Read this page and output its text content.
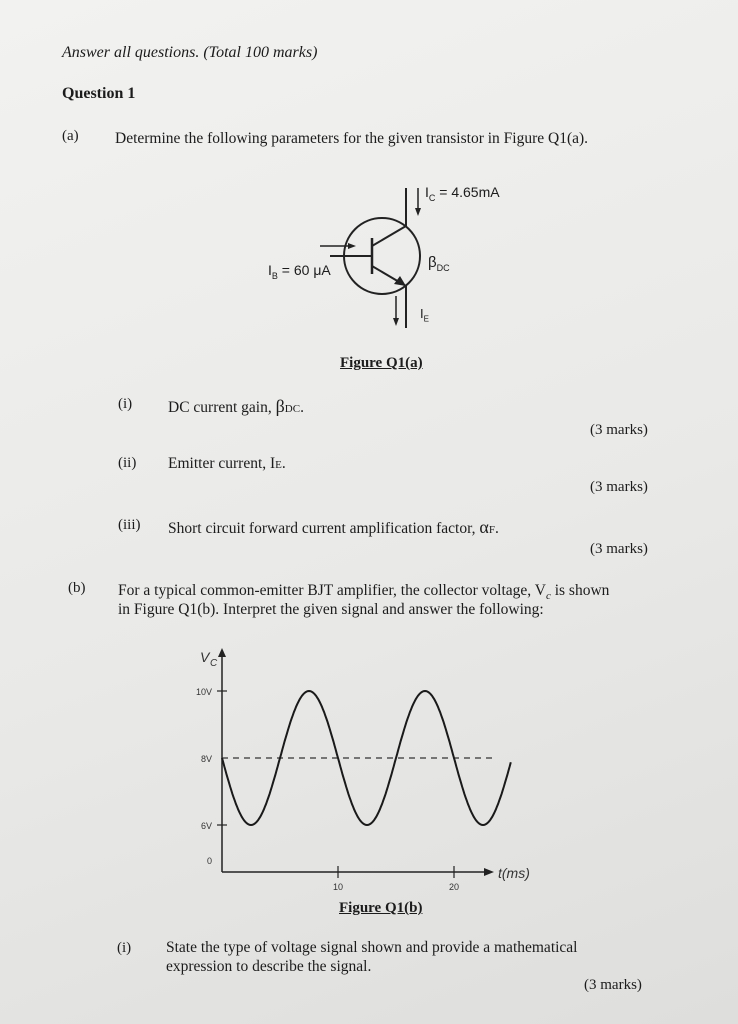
Answer all questions. (Total 100 marks)
Question 1
(a) Determine the following parameters for the given transistor in Figure Q1(a).
$I_C = 4.65mA$
$I_B = 60$ μA	$\beta_{DC}$
$I_E$
Figure Q1(a)
(i) DC current gain, βDC.
(3 marks)
(ii) Emitter current, IE.
(3 marks)
(iii) Short circuit forward current amplification factor, αF.
(3 marks)
(b) For a typical common-emitter BJT amplifier, the collector voltage, $V_c$ is shown
in Figure Q1(b). Interpret the given signal and answer the following:
V C
t(ms)
10V
8V
6V
0
10	20
Figure Q1(b)
(i) State the type of voltage signal shown and provide a mathematical
expression to describe the signal.
(3 marks)
